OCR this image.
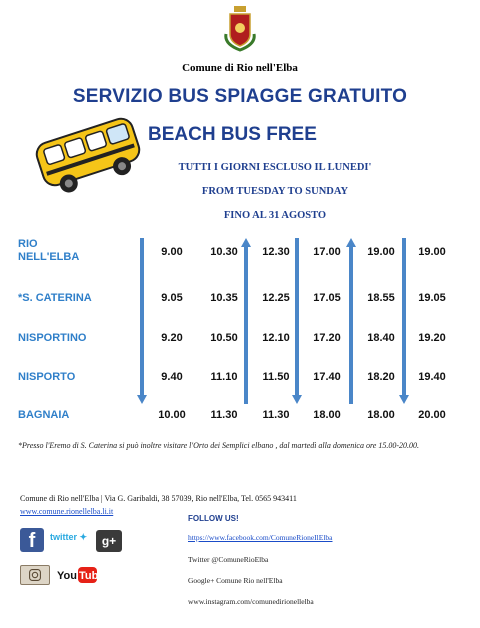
Comune di Rio nell'Elba
SERVIZIO BUS SPIAGGE GRATUITO
BEACH BUS FREE
TUTTI I GIORNI ESCLUSO IL LUNEDI'
FROM TUESDAY TO SUNDAY
FINO AL 31 AGOSTO
RIO NELL'ELBA	9.00	10.30	12.30	17.00	19.00	19.00
*S. CATERINA	9.05	10.35	12.25	17.05	18.55	19.05
NISPORTINO	9.20	10.50	12.10	17.20	18.40	19.20
NISPORTO	9.40	11.10	11.50	17.40	18.20	19.40
BAGNAIA	10.00	11.30	11.30	18.00	18.00	20.00
*Presso l'Eremo di S. Caterina si può inoltre visitare l'Orto dei Semplici elbano , dal martedì alla domenica ore 15.00-20.00.
Comune di Rio nell'Elba | Via G. Garibaldi, 38 57039, Rio nell'Elba, Tel. 0565 943411
www.comune.rionellelba.li.it
f	twitter ✦	g+
You Tube
FOLLOW US!
https://www.facebook.com/ComuneRioneIlElba
Twitter @ComuneRioElba
Google+ Comune Rio nell'Elba
www.instagram.com/comunedirionellelba
